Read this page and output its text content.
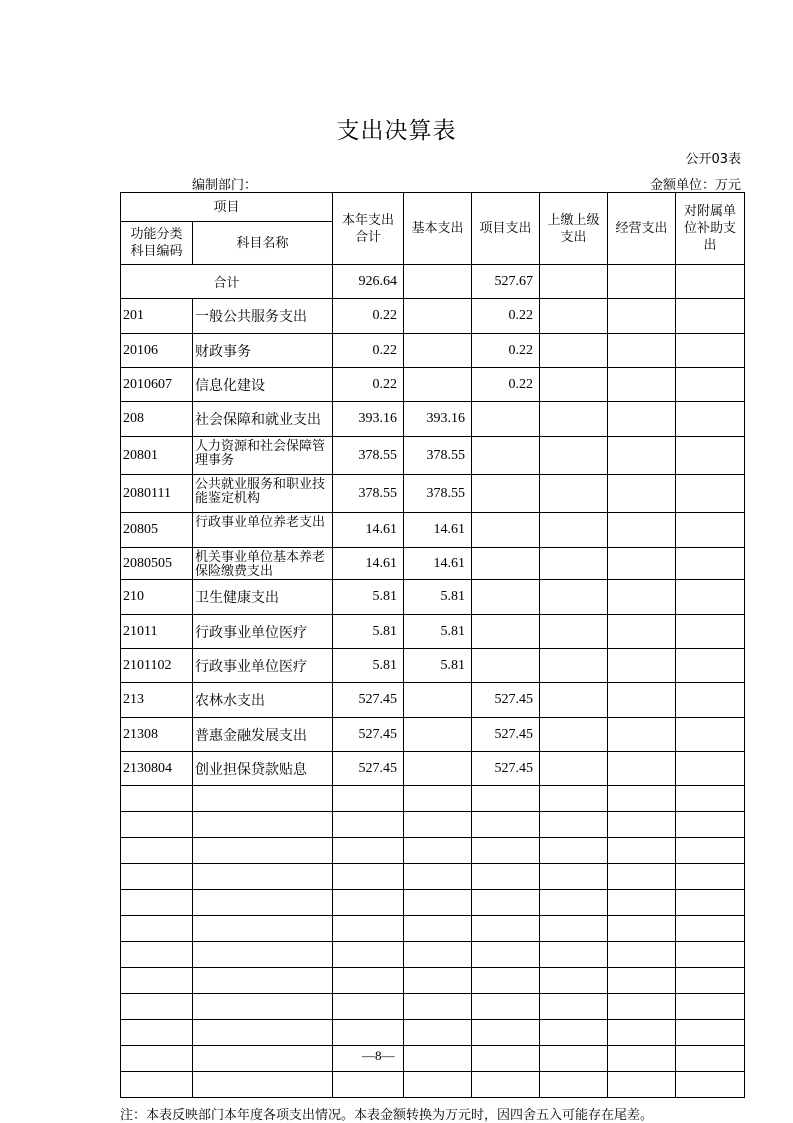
支出决算表
公开03表
编制部门：	金额单位：万元
项目		本年支出合计	基本支出	项目支出	上缴上级支出	经营支出	对附属单位补助支出
功能分类科目编码	科目名称						
合计		926.64		527.67			
201	一般公共服务支出	0.22		0.22			
20106	财政事务	0.22		0.22			
2010607	信息化建设	0.22		0.22			
208	社会保障和就业支出	393.16	393.16				
20801	人力资源和社会保障管理事务	378.55	378.55				
2080111	公共就业服务和职业技能鉴定机构	378.55	378.55				
20805	行政事业单位养老支出	14.61	14.61				
2080505	机关事业单位基本养老保险缴费支出	14.61	14.61				
210	卫生健康支出	5.81	5.81				
21011	行政事业单位医疗	5.81	5.81				
2101102	行政事业单位医疗	5.81	5.81				
213	农林水支出	527.45		527.45			
21308	普惠金融发展支出	527.45		527.45			
2130804	创业担保贷款贴息	527.45		527.45			

—8—
注：本表反映部门本年度各项支出情况。本表金额转换为万元时，因四舍五入可能存在尾差。
